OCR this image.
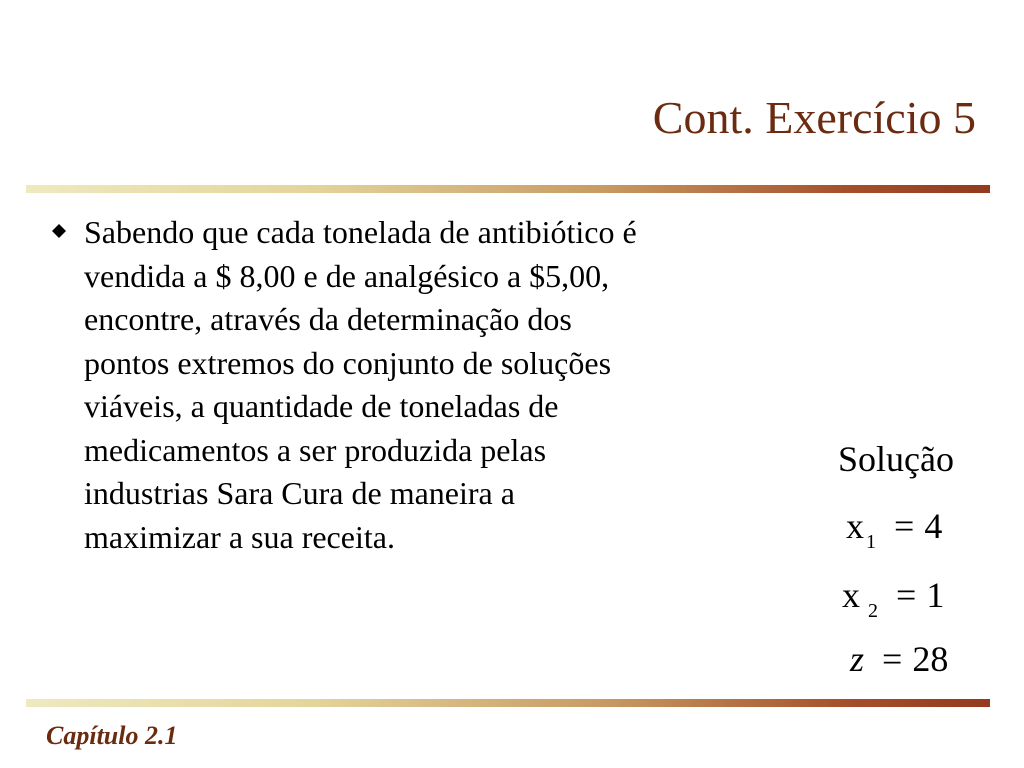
Cont. Exercício 5
Sabendo que cada tonelada de antibiótico é
vendida a $ 8,00 e de analgésico a $5,00,
encontre, através da determinação dos
pontos extremos do conjunto de soluções
viáveis, a quantidade de toneladas de
medicamentos a ser produzida pelas
industrias Sara Cura de maneira a
maximizar a sua receita.
Solução
x 1 = 4
x 2 = 1
z = 28
Capítulo 2.1
